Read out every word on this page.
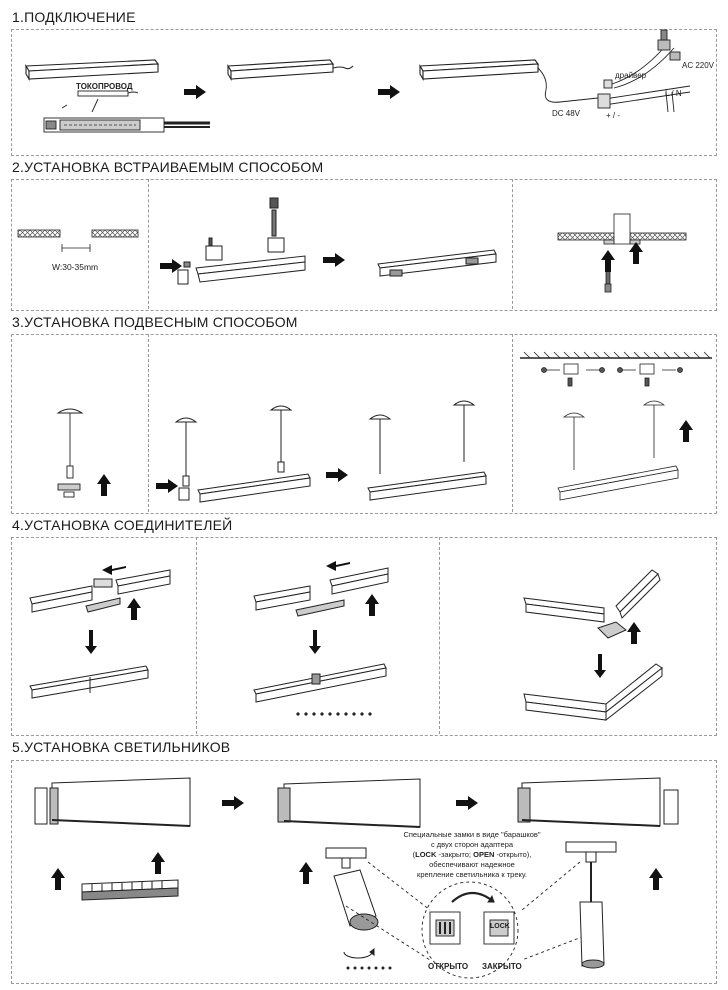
1.ПОДКЛЮЧЕНИЕ
2.УСТАНОВКА ВСТРАИВАЕМЫМ СПОСОБОМ
3.УСТАНОВКА ПОДВЕСНЫМ СПОСОБОМ
4.УСТАНОВКА СОЕДИНИТЕЛЕЙ
5.УСТАНОВКА СВЕТИЛЬНИКОВ
ТОКОПРОВОД
драйвер
AC 220V
L / N
DC 48V	+ / -
W:30-35mm
Специальные замки в виде "барашков"
с двух сторон адаптера
(LOCK -закрыто; OPEN -открыто),
обеспечивают надежное
крепление светильника к треку.
LOCK
ОТКРЫТО ЗАКРЫТО
